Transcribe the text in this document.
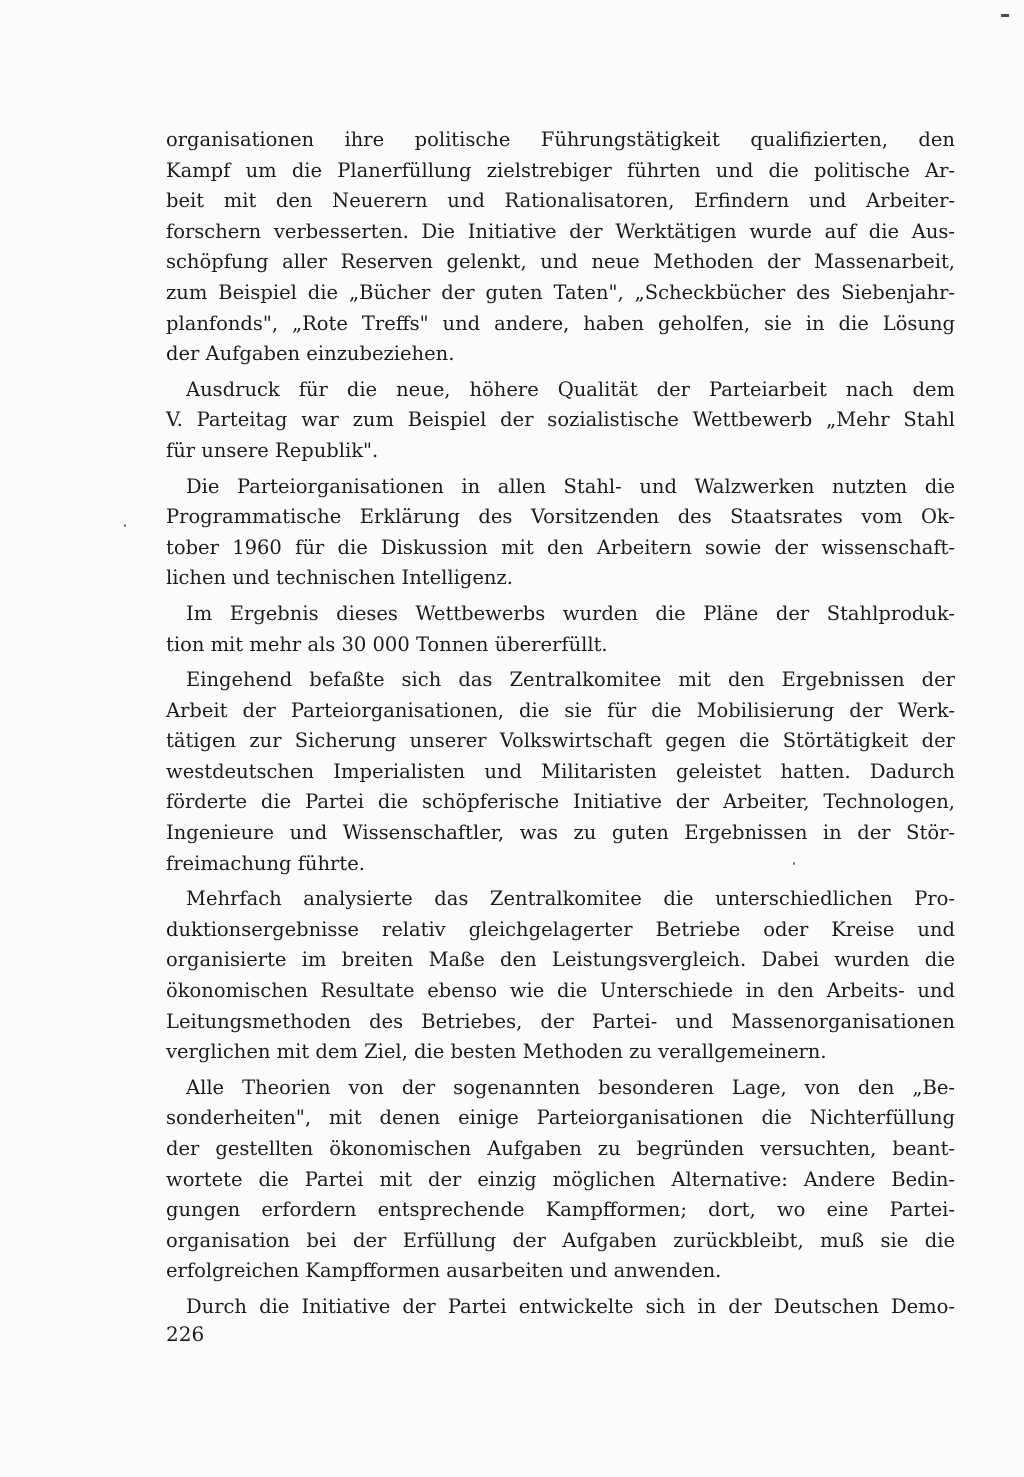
organisationen ihre politische Führungstätigkeit qualifizierten, den
Kampf um die Planerfüllung zielstrebiger führten und die politische Ar-
beit mit den Neuerern und Rationalisatoren, Erfindern und Arbeiter-
forschern verbesserten. Die Initiative der Werktätigen wurde auf die Aus-
schöpfung aller Reserven gelenkt, und neue Methoden der Massenarbeit,
zum Beispiel die „Bücher der guten Taten", „Scheckbücher des Siebenjahr-
planfonds", „Rote Treffs" und andere, haben geholfen, sie in die Lösung
der Aufgaben einzubeziehen.
Ausdruck für die neue, höhere Qualität der Parteiarbeit nach dem
V. Parteitag war zum Beispiel der sozialistische Wettbewerb „Mehr Stahl
für unsere Republik".
Die Parteiorganisationen in allen Stahl- und Walzwerken nutzten die
Programmatische Erklärung des Vorsitzenden des Staatsrates vom Ok-
tober 1960 für die Diskussion mit den Arbeitern sowie der wissenschaft-
lichen und technischen Intelligenz.
Im Ergebnis dieses Wettbewerbs wurden die Pläne der Stahlproduk-
tion mit mehr als 30 000 Tonnen übererfüllt.
Eingehend befaßte sich das Zentralkomitee mit den Ergebnissen der
Arbeit der Parteiorganisationen, die sie für die Mobilisierung der Werk-
tätigen zur Sicherung unserer Volkswirtschaft gegen die Störtätigkeit der
westdeutschen Imperialisten und Militaristen geleistet hatten. Dadurch
förderte die Partei die schöpferische Initiative der Arbeiter, Technologen,
Ingenieure und Wissenschaftler, was zu guten Ergebnissen in der Stör-
freimachung führte.
Mehrfach analysierte das Zentralkomitee die unterschiedlichen Pro-
duktionsergebnisse relativ gleichgelagerter Betriebe oder Kreise und
organisierte im breiten Maße den Leistungsvergleich. Dabei wurden die
ökonomischen Resultate ebenso wie die Unterschiede in den Arbeits- und
Leitungsmethoden des Betriebes, der Partei- und Massenorganisationen
verglichen mit dem Ziel, die besten Methoden zu verallgemeinern.
Alle Theorien von der sogenannten besonderen Lage, von den „Be-
sonderheiten", mit denen einige Parteiorganisationen die Nichterfüllung
der gestellten ökonomischen Aufgaben zu begründen versuchten, beant-
wortete die Partei mit der einzig möglichen Alternative: Andere Bedin-
gungen erfordern entsprechende Kampfformen; dort, wo eine Partei-
organisation bei der Erfüllung der Aufgaben zurückbleibt, muß sie die
erfolgreichen Kampfformen ausarbeiten und anwenden.
Durch die Initiative der Partei entwickelte sich in der Deutschen Demo-
226
